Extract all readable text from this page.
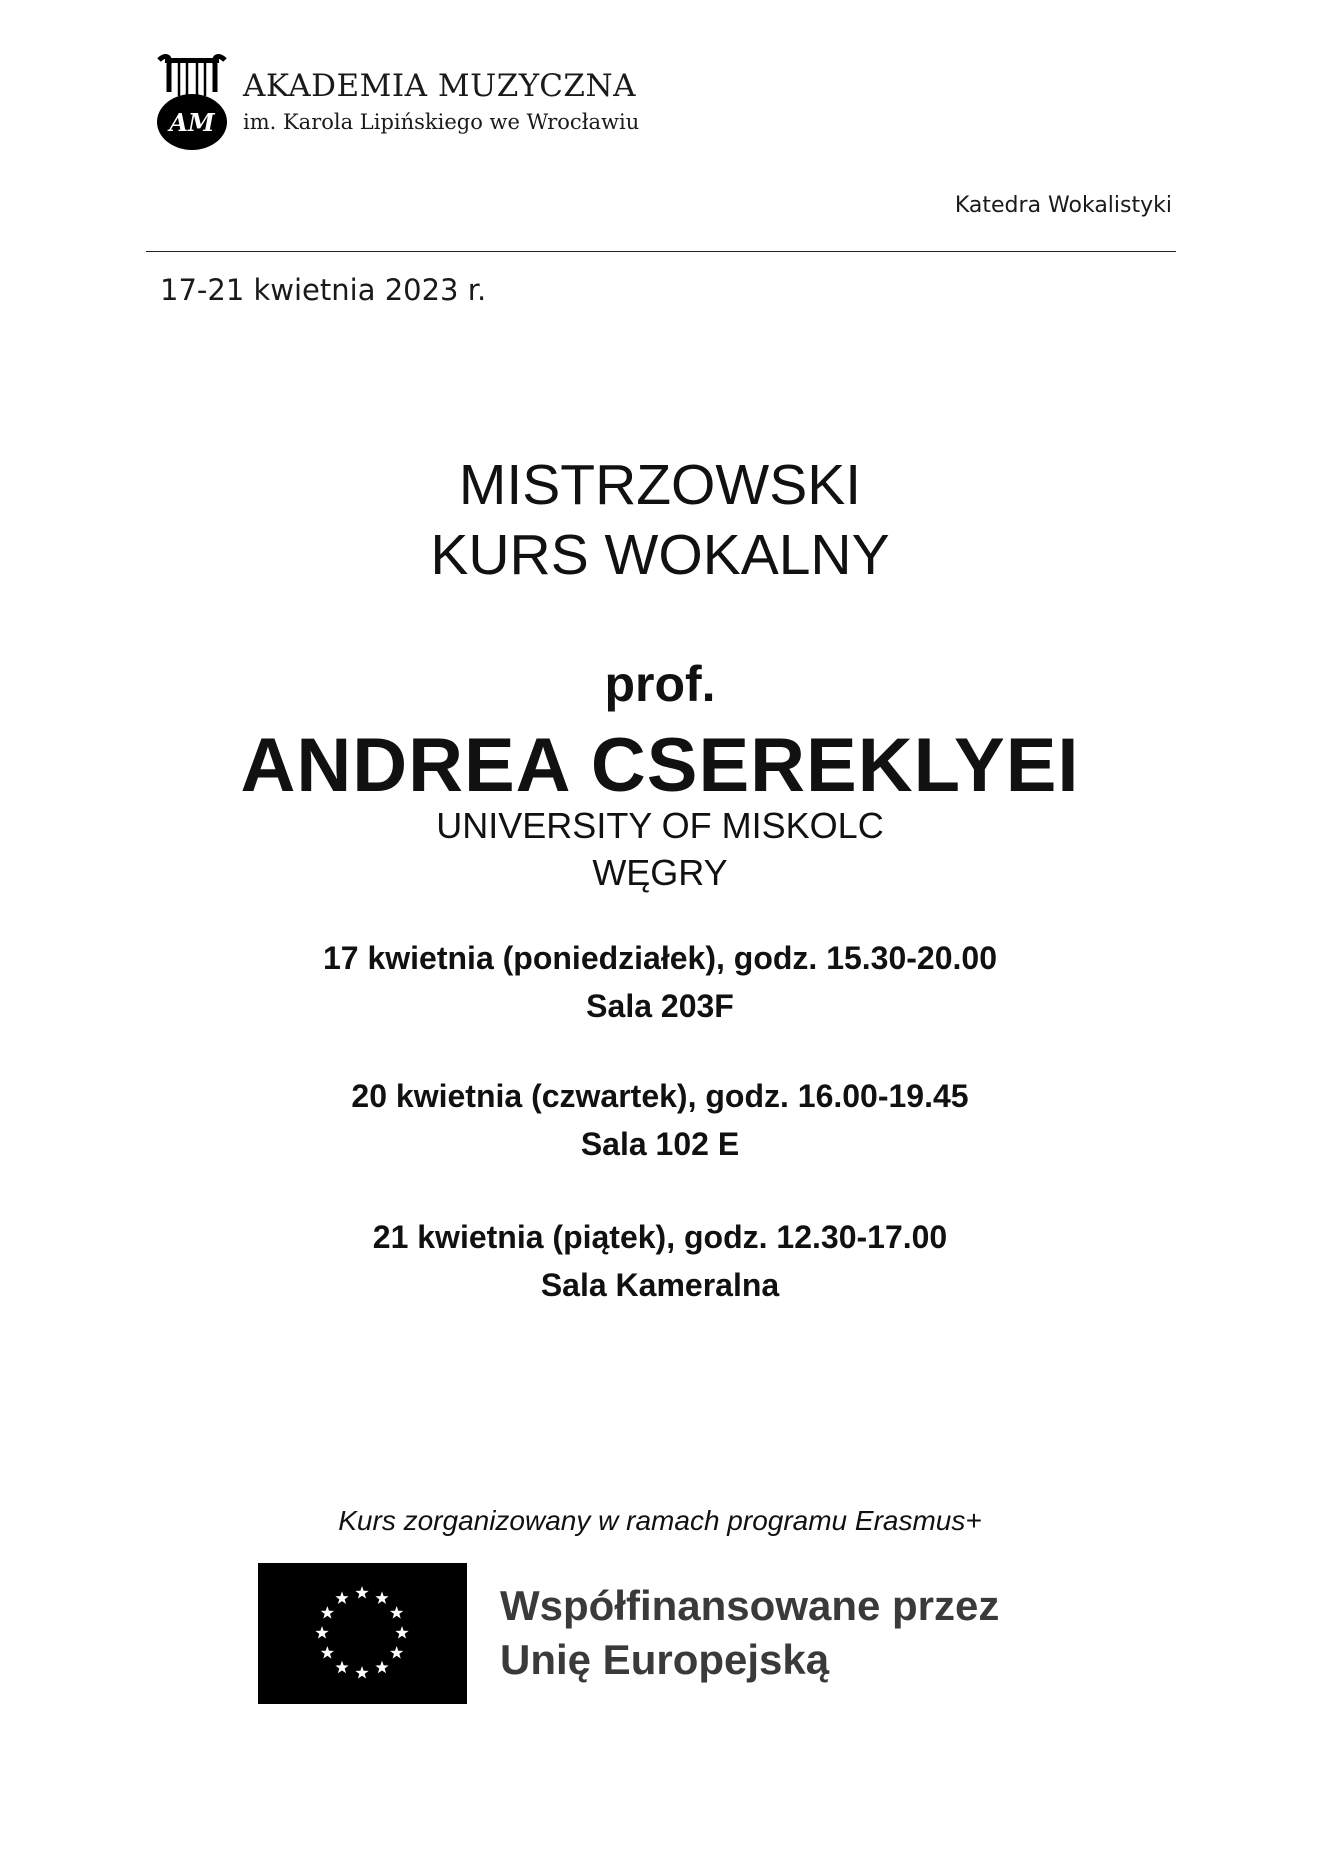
AM
AKADEMIA MUZYCZNA
im. Karola Lipińskiego we Wrocławiu
Katedra Wokalistyki
17-21 kwietnia 2023 r.
MISTRZOWSKI
KURS WOKALNY
prof.
ANDREA CSEREKLYEI
UNIVERSITY OF MISKOLC
WĘGRY
17 kwietnia (poniedziałek), godz. 15.30-20.00
Sala 203F
20 kwietnia (czwartek), godz. 16.00-19.45
Sala 102 E
21 kwietnia (piątek), godz. 12.30-17.00
Sala Kameralna
Kurs zorganizowany w ramach programu Erasmus+
Współfinansowane przez
Unię Europejską
